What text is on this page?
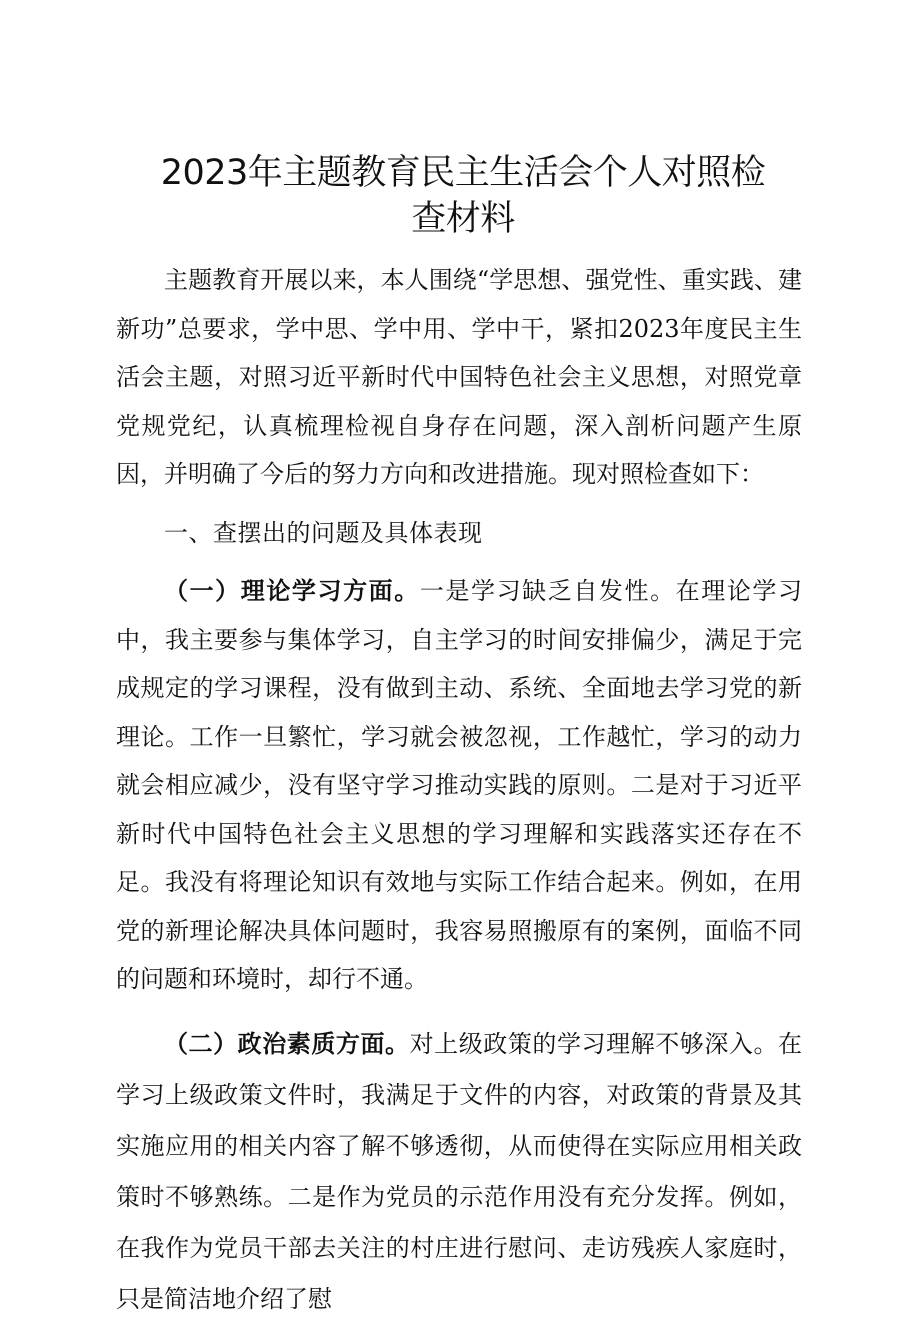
2023年主题教育民主生活会个人对照检查材料

主题教育开展以来，本人围绕“学思想、强党性、重实践、建新功”总要求，学中思、学中用、学中干，紧扣2023年度民主生活会主题，对照习近平新时代中国特色社会主义思想，对照党章党规党纪，认真梳理检视自身存在问题，深入剖析问题产生原因，并明确了今后的努力方向和改进措施。现对照检查如下：

一、查摆出的问题及具体表现

（一）理论学习方面。一是学习缺乏自发性。在理论学习中，我主要参与集体学习，自主学习的时间安排偏少，满足于完成规定的学习课程，没有做到主动、系统、全面地去学习党的新理论。工作一旦繁忙，学习就会被忽视，工作越忙，学习的动力就会相应减少，没有坚守学习推动实践的原则。二是对于习近平新时代中国特色社会主义思想的学习理解和实践落实还存在不足。我没有将理论知识有效地与实际工作结合起来。例如，在用党的新理论解决具体问题时，我容易照搬原有的案例，面临不同的问题和环境时，却行不通。

（二）政治素质方面。对上级政策的学习理解不够深入。在学习上级政策文件时，我满足于文件的内容，对政策的背景及其实施应用的相关内容了解不够透彻，从而使得在实际应用相关政策时不够熟练。二是作为党员的示范作用没有充分发挥。例如，在我作为党员干部去关注的村庄进行慰问、走访残疾人家庭时，只是简洁地介绍了慰
